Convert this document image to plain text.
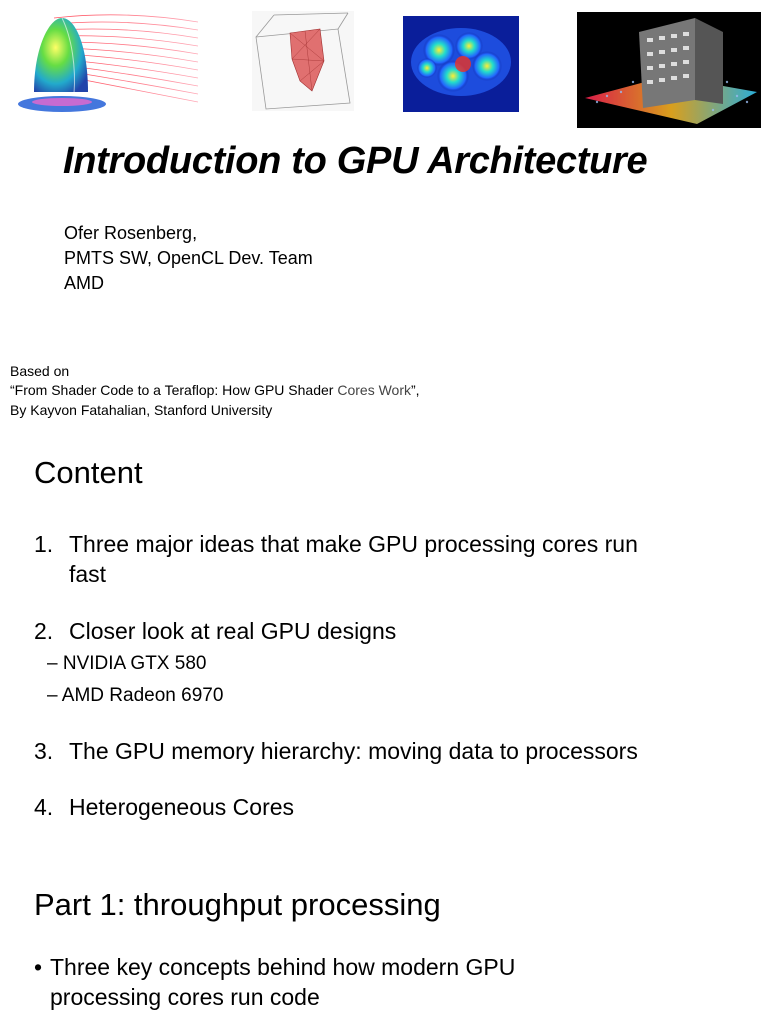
Introduction to GPU Architecture
Ofer Rosenberg,
PMTS SW, OpenCL Dev. Team
AMD
Based on
“From Shader Code to a Teraflop: How GPU Shader Cores Work”,
By Kayvon Fatahalian, Stanford University
Content
1. Three major ideas that make GPU processing cores run
fast
2. Closer look at real GPU designs
– NVIDIA GTX 580
– AMD Radeon 6970
3. The GPU memory hierarchy: moving data to processors
4. Heterogeneous Cores
Part 1: throughput processing
• Three key concepts behind how modern GPU
processing cores run code
